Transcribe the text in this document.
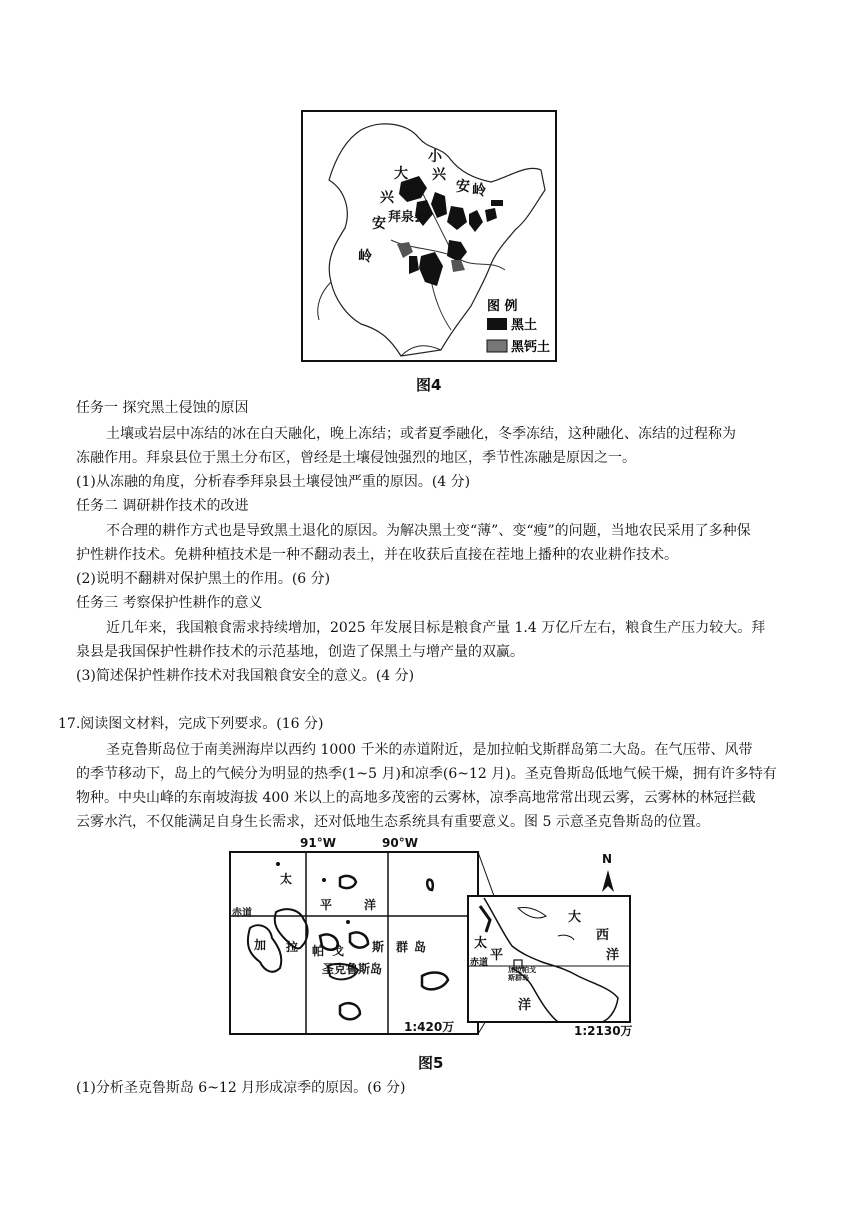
图 例
黑土
黑钙土
大
兴
安
岭
小
兴
安 岭
拜泉县
图4
任务一 探究黑土侵蚀的原因
土壤或岩层中冻结的冰在白天融化，晚上冻结；或者夏季融化，冬季冻结，这种融化、冻结的过程称为
冻融作用。拜泉县位于黑土分布区，曾经是土壤侵蚀强烈的地区，季节性冻融是原因之一。
(1)从冻融的角度，分析春季拜泉县土壤侵蚀严重的原因。(4 分)
任务二 调研耕作技术的改进
不合理的耕作方式也是导致黑土退化的原因。为解决黑土变“薄”、变“瘦”的问题，当地农民采用了多种保
护性耕作技术。免耕种植技术是一种不翻动表土，并在收获后直接在茬地上播种的农业耕作技术。
(2)说明不翻耕对保护黑土的作用。(6 分)
任务三 考察保护性耕作的意义
近几年来，我国粮食需求持续增加，2025 年发展目标是粮食产量 1.4 万亿斤左右，粮食生产压力较大。拜
泉县是我国保护性耕作技术的示范基地，创造了保黑土与增产量的双赢。
(3)简述保护性耕作技术对我国粮食安全的意义。(4 分)
17.阅读图文材料，完成下列要求。(16 分)
圣克鲁斯岛位于南美洲海岸以西约 1000 千米的赤道附近，是加拉帕戈斯群岛第二大岛。在气压带、风带
的季节移动下，岛上的气候分为明显的热季(1~5 月)和凉季(6~12 月)。圣克鲁斯岛低地气候干燥，拥有许多特有
物种。中央山峰的东南坡海拔 400 米以上的高地多茂密的云雾林，凉季高地常常出现云雾，云雾林的林冠拦截
云雾水汽，不仅能满足自身生长需求，还对低地生态系统具有重要意义。图 5 示意圣克鲁斯岛的位置。
91°W	90°W
赤道
太
平	洋
加 拉 帕 戈 斯 群 岛
圣克鲁斯岛
1:420万
N
大
西
洋
太
平
洋
赤道
加拉帕戈斯群岛
1:2130万
图5
(1)分析圣克鲁斯岛 6~12 月形成凉季的原因。(6 分)
